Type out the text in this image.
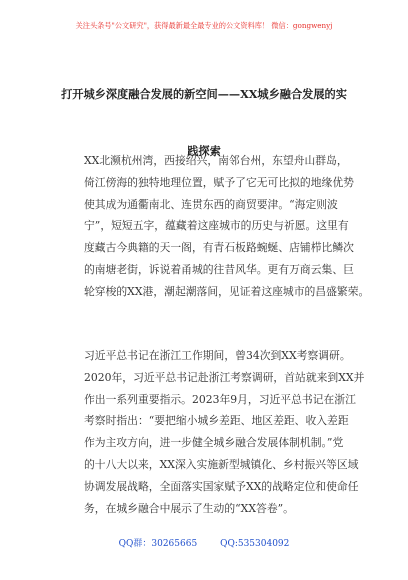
关注头条号"公文研究"，获得最新最全最专业的公文资料库！ 微信：gongwenyj
打开城乡深度融合发展的新空间——XX城乡融合发展的实
践探索
XX北濒杭州湾，西接绍兴，南邻台州，东望舟山群岛，
倚江傍海的独特地理位置，赋予了它无可比拟的地缘优势
使其成为通衢南北、连贯东西的商贸要津。“海定则波
宁”，短短五字，蕴藏着这座城市的历史与祈愿。这里有
度藏古今典籍的天一阁，有青石板路蜿蜒、店铺栉比鳞次
的南塘老街，诉说着甬城的往昔风华。更有万商云集、巨
轮穿梭的XX港，潮起潮落间，见证着这座城市的昌盛繁荣。
习近平总书记在浙江工作期间，曾34次到XX考察调研。
2020年，习近平总书记赴浙江考察调研，首站就来到XX并
作出一系列重要指示。2023年9月，习近平总书记在浙江
考察时指出：“要把缩小城乡差距、地区差距、收入差距
作为主攻方向，进一步健全城乡融合发展体制机制。”党
的十八大以来，XX深入实施新型城镇化、乡村振兴等区域
协调发展战略，全面落实国家赋予XX的战略定位和使命任
务，在城乡融合中展示了生动的“XX答卷”。
QQ群：30265665	QQ:535304092
